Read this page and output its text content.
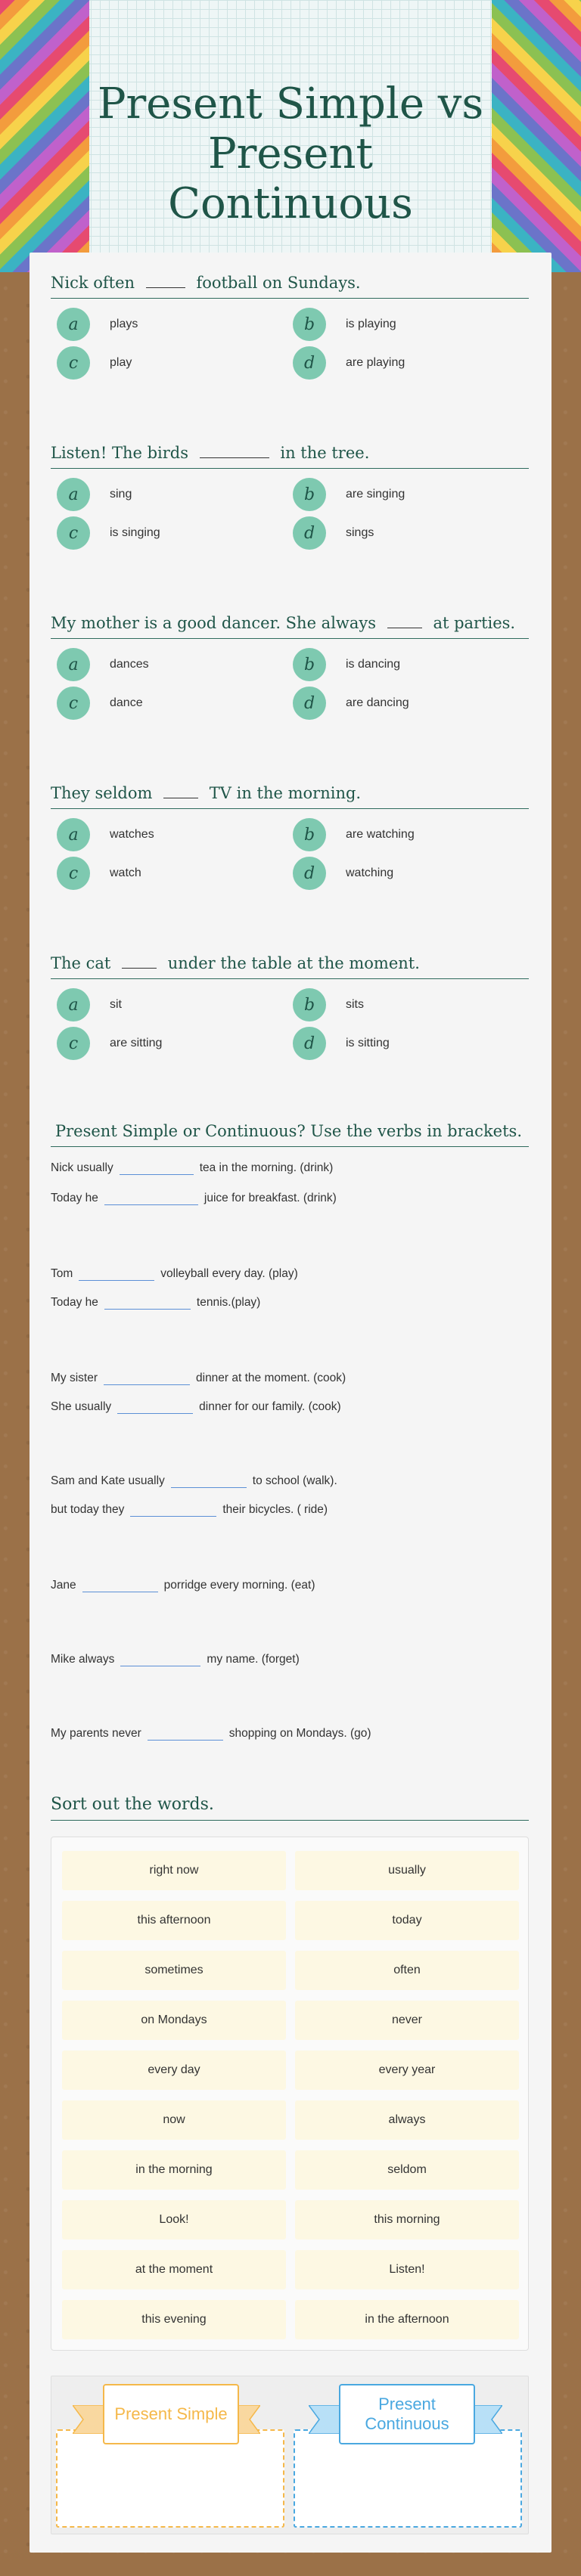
Present Simple vs
Present Continuous
Nick often	football on Sundays.
a	plays	b	is playing
c	play	d	are playing
Listen! The birds	in the tree.
a	sing	b	are singing
c	is singing	d	sings
My mother is a good dancer. She always	at parties.
a	dances	b	is dancing
c	dance	d	are dancing
They seldom	TV in the morning.
a	watches	b	are watching
c	watch	d	watching
The cat	under the table at the moment.
a	sit	b	sits
c	are sitting	d	is sitting
Present Simple or Continuous? Use the verbs in brackets.
Nick usually	tea in the morning. (drink)
Today he	juice for breakfast. (drink)
Tom	volleyball every day. (play)
Today he	tennis.(play)
My sister	dinner at the moment. (cook)
She usually	dinner for our family. (cook)
Sam and Kate usually	to school (walk).
but today they	their bicycles. ( ride)
Jane	porridge every morning. (eat)
Mike always	my name. (forget)
My parents never	shopping on Mondays. (go)
Sort out the words.
right now
this afternoon
sometimes
on Mondays
every day
now
in the morning
Look!
at the moment
this evening
usually
today
often
never
every year
always
seldom
this morning
Listen!
in the afternoon
Present Simple
Present Continuous
